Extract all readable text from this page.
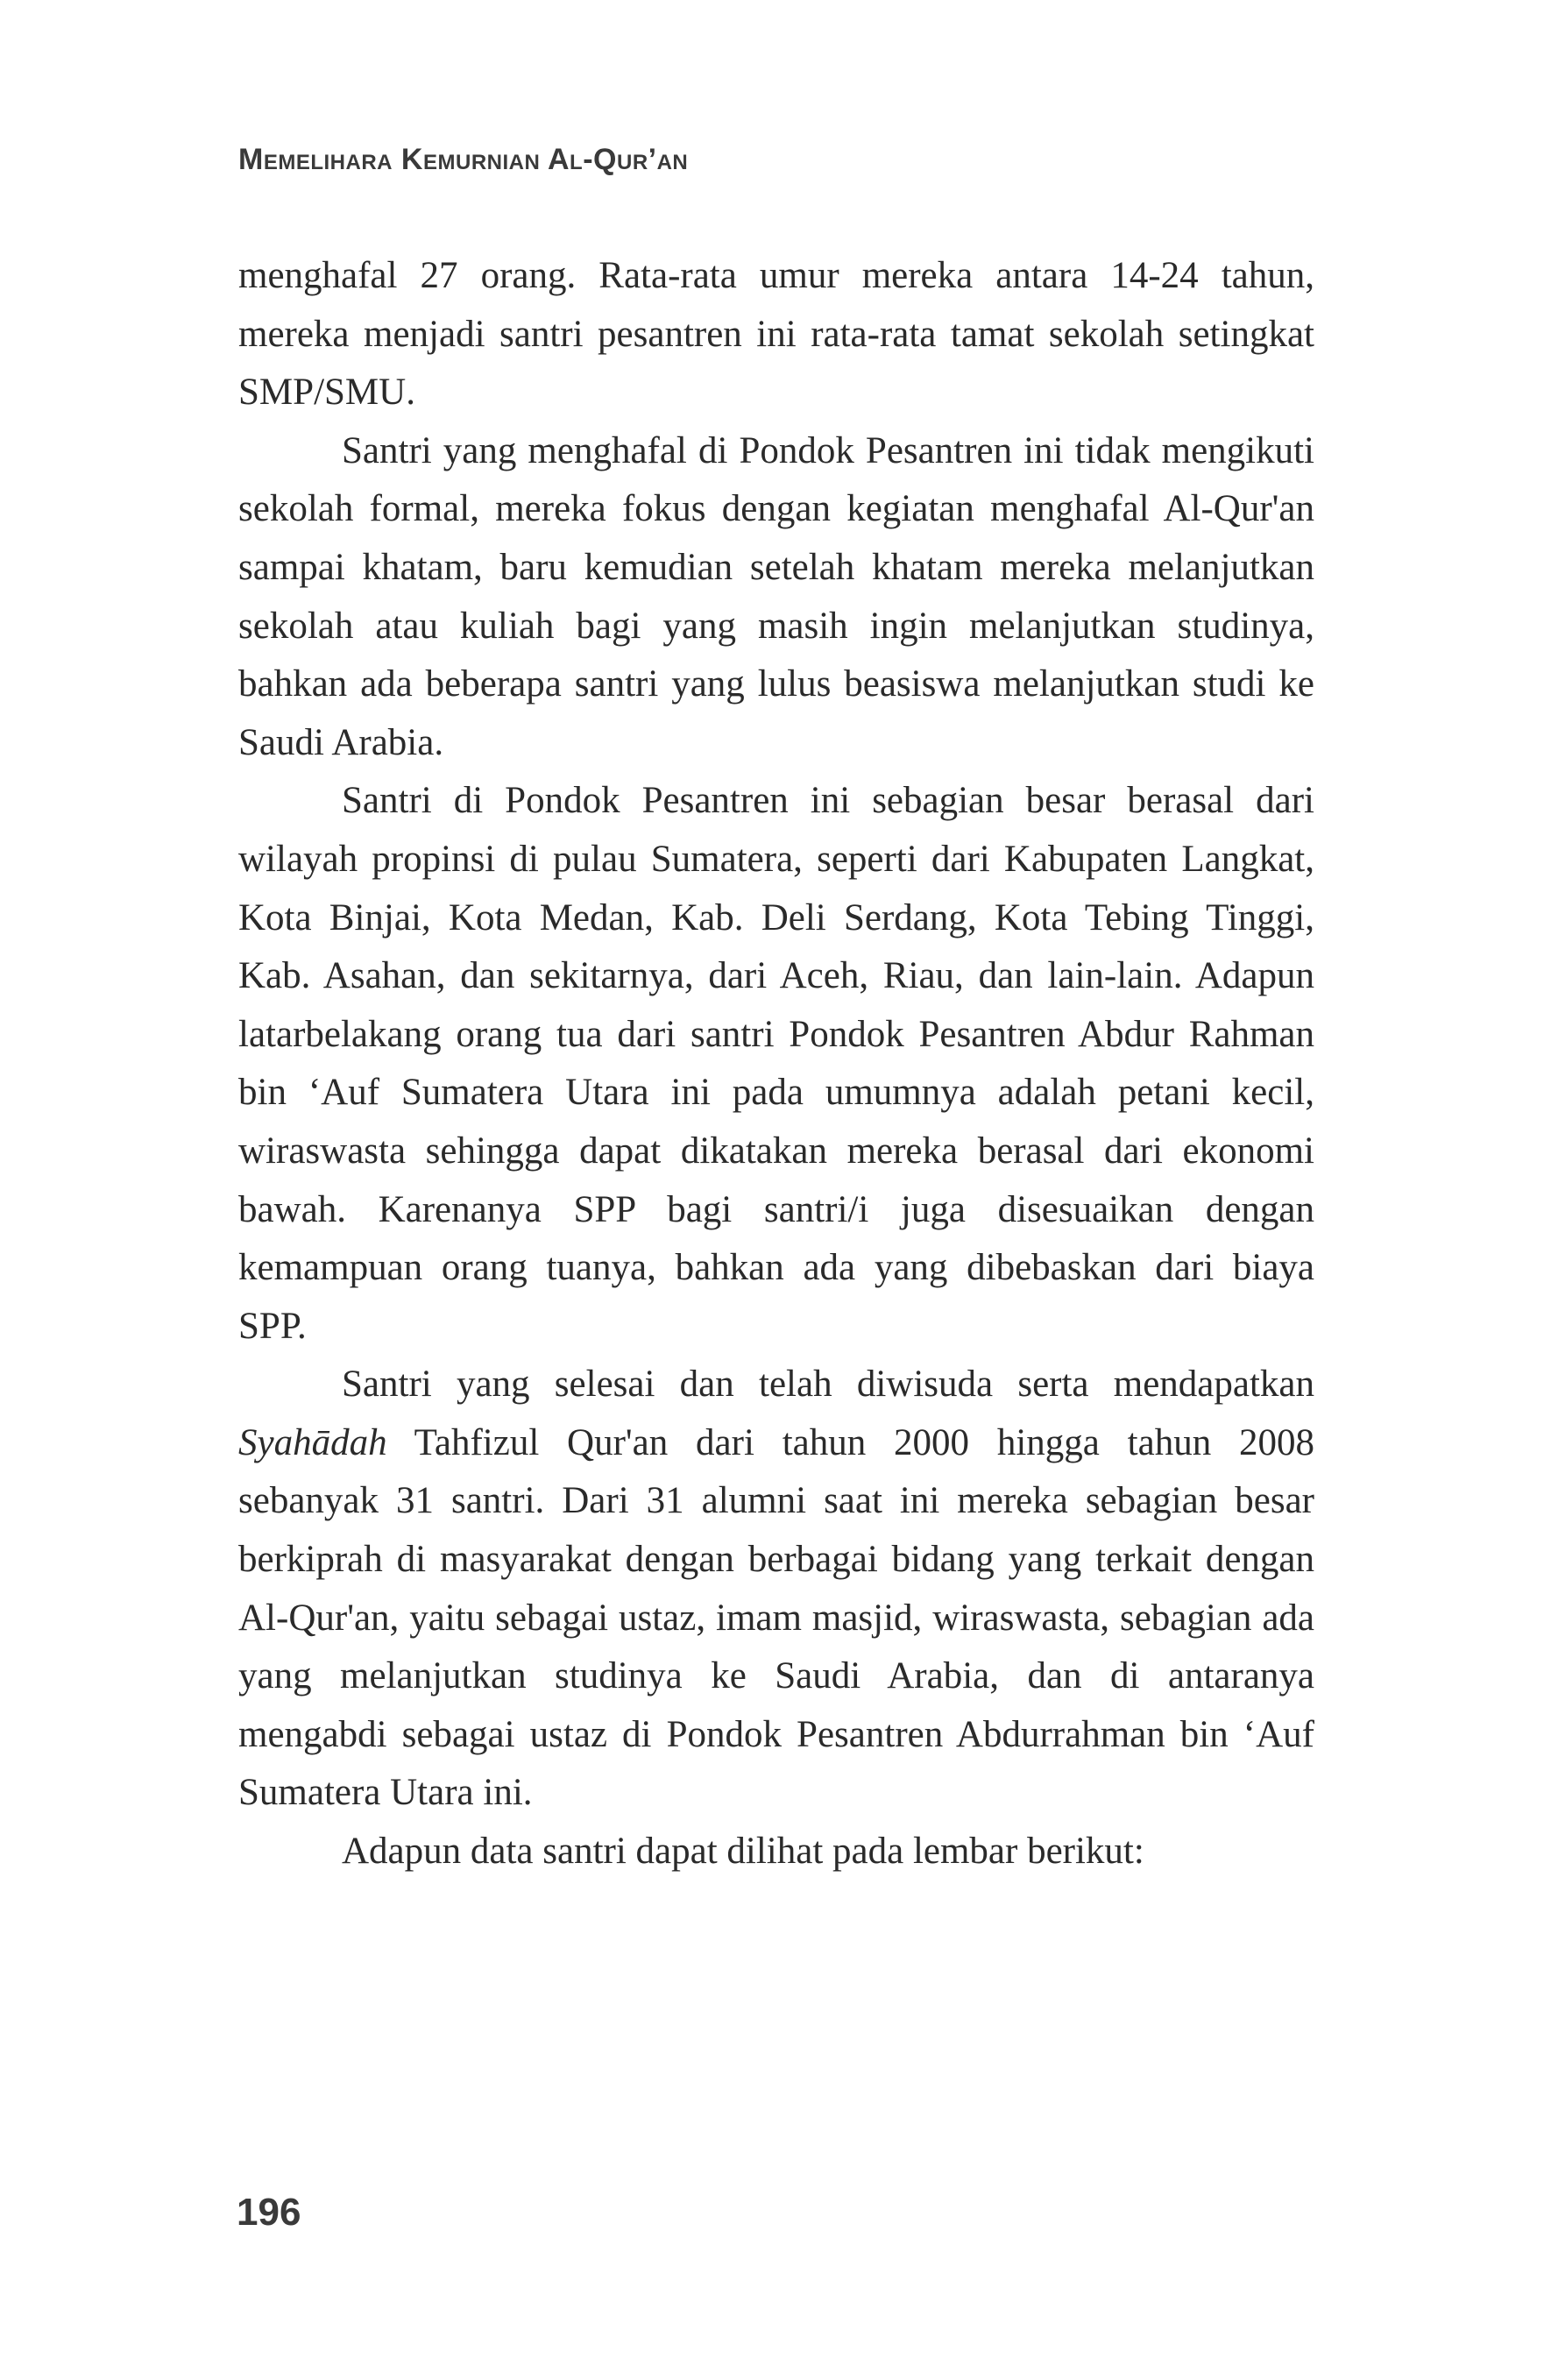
Memelihara Kemurnian Al-Qur’an

menghafal 27 orang. Rata-rata umur mereka antara 14-24 tahun, mereka menjadi santri pesantren ini rata-rata tamat sekolah setingkat SMP/SMU.

Santri yang menghafal di Pondok Pesantren ini tidak mengikuti sekolah formal, mereka fokus dengan kegiatan menghafal Al-Qur'an sampai khatam, baru kemudian setelah khatam mereka melanjutkan sekolah atau kuliah bagi yang masih ingin melanjutkan studinya, bahkan ada beberapa santri yang lulus beasiswa melanjutkan studi ke Saudi Arabia.

Santri di Pondok Pesantren ini sebagian besar berasal dari wilayah propinsi di pulau Sumatera, seperti dari Kabupaten Langkat, Kota Binjai, Kota Medan, Kab. Deli Serdang, Kota Tebing Tinggi, Kab. Asahan, dan sekitarnya, dari Aceh, Riau, dan lain-lain. Adapun latarbelakang orang tua dari santri Pondok Pesantren Abdur Rahman bin ‘Auf Sumatera Utara ini pada umumnya adalah petani kecil, wiraswasta sehingga dapat dikatakan mereka berasal dari ekonomi bawah. Karenanya SPP bagi santri/i juga disesuaikan dengan kemampuan orang tuanya, bahkan ada yang dibebaskan dari biaya SPP.

Santri yang selesai dan telah diwisuda serta mendapatkan Syahādah Tahfizul Qur'an dari tahun 2000 hingga tahun 2008 sebanyak 31 santri. Dari 31 alumni saat ini mereka sebagian besar berkiprah di masyarakat dengan berbagai bidang yang terkait dengan Al-Qur'an, yaitu sebagai ustaz, imam masjid, wiraswasta, sebagian ada yang melanjutkan studinya ke Saudi Arabia, dan di antaranya mengabdi sebagai ustaz di Pondok Pesantren Abdurrahman bin ‘Auf Sumatera Utara ini.

Adapun data santri dapat dilihat pada lembar berikut:

196
